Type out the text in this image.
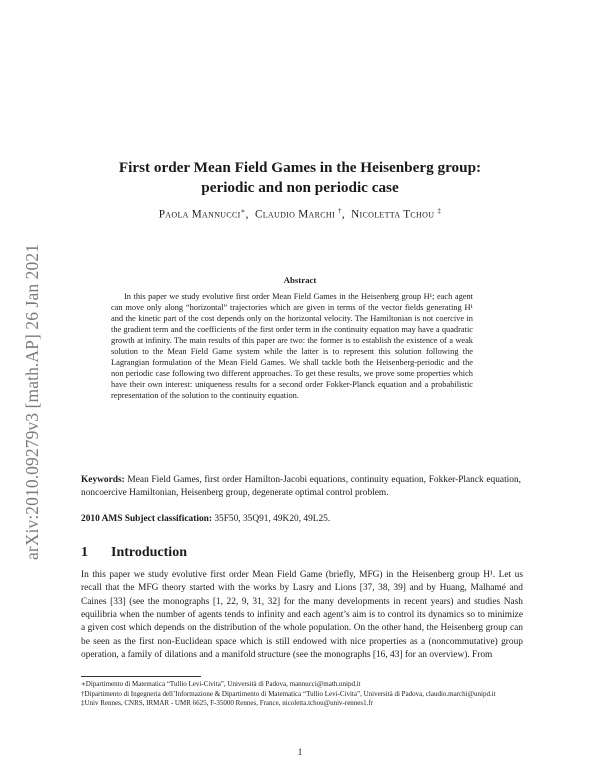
arXiv:2010.09279v3 [math.AP] 26 Jan 2021
First order Mean Field Games in the Heisenberg group:
periodic and non periodic case
Paola Mannucci∗,  Claudio Marchi †,  Nicoletta Tchou ‡
Abstract
In this paper we study evolutive first order Mean Field Games in the Heisenberg group H¹; each agent can move only along “horizontal” trajectories which are given in terms of the vector fields generating H¹ and the kinetic part of the cost depends only on the horizontal velocity. The Hamiltonian is not coercive in the gradient term and the coefficients of the first order term in the continuity equation may have a quadratic growth at infinity. The main results of this paper are two: the former is to establish the existence of a weak solution to the Mean Field Game system while the latter is to represent this solution following the Lagrangian formulation of the Mean Field Games. We shall tackle both the Heisenberg-periodic and the non periodic case following two different approaches. To get these results, we prove some properties which have their own interest: uniqueness results for a second order Fokker-Planck equation and a probabilistic representation of the solution to the continuity equation.
Keywords: Mean Field Games, first order Hamilton-Jacobi equations, continuity equation, Fokker-Planck equation, noncoercive Hamiltonian, Heisenberg group, degenerate optimal control problem.
2010 AMS Subject classification: 35F50, 35Q91, 49K20, 49L25.
1 Introduction
In this paper we study evolutive first order Mean Field Game (briefly, MFG) in the Heisenberg group H¹. Let us recall that the MFG theory started with the works by Lasry and Lions [37, 38, 39] and by Huang, Malhamé and Caines [33] (see the monographs [1, 22, 9, 31, 32] for the many developments in recent years) and studies Nash equilibria when the number of agents tends to infinity and each agent’s aim is to control its dynamics so to minimize a given cost which depends on the distribution of the whole population. On the other hand, the Heisenberg group can be seen as the first non-Euclidean space which is still endowed with nice properties as a (noncommutative) group operation, a family of dilations and a manifold structure (see the monographs [16, 43] for an overview). From

∗Dipartimento di Matematica “Tullio Levi-Civita”, Università di Padova, mannucci@math.unipd.it

†Dipartimento di Ingegneria dell’Informazione & Dipartimento di Matematica “Tullio Levi-Civita”, Università di Padova, claudio.marchi@unipd.it

‡Univ Rennes, CNRS, IRMAR - UMR 6625, F-35000 Rennes, France, nicoletta.tchou@univ-rennes1.fr

1
